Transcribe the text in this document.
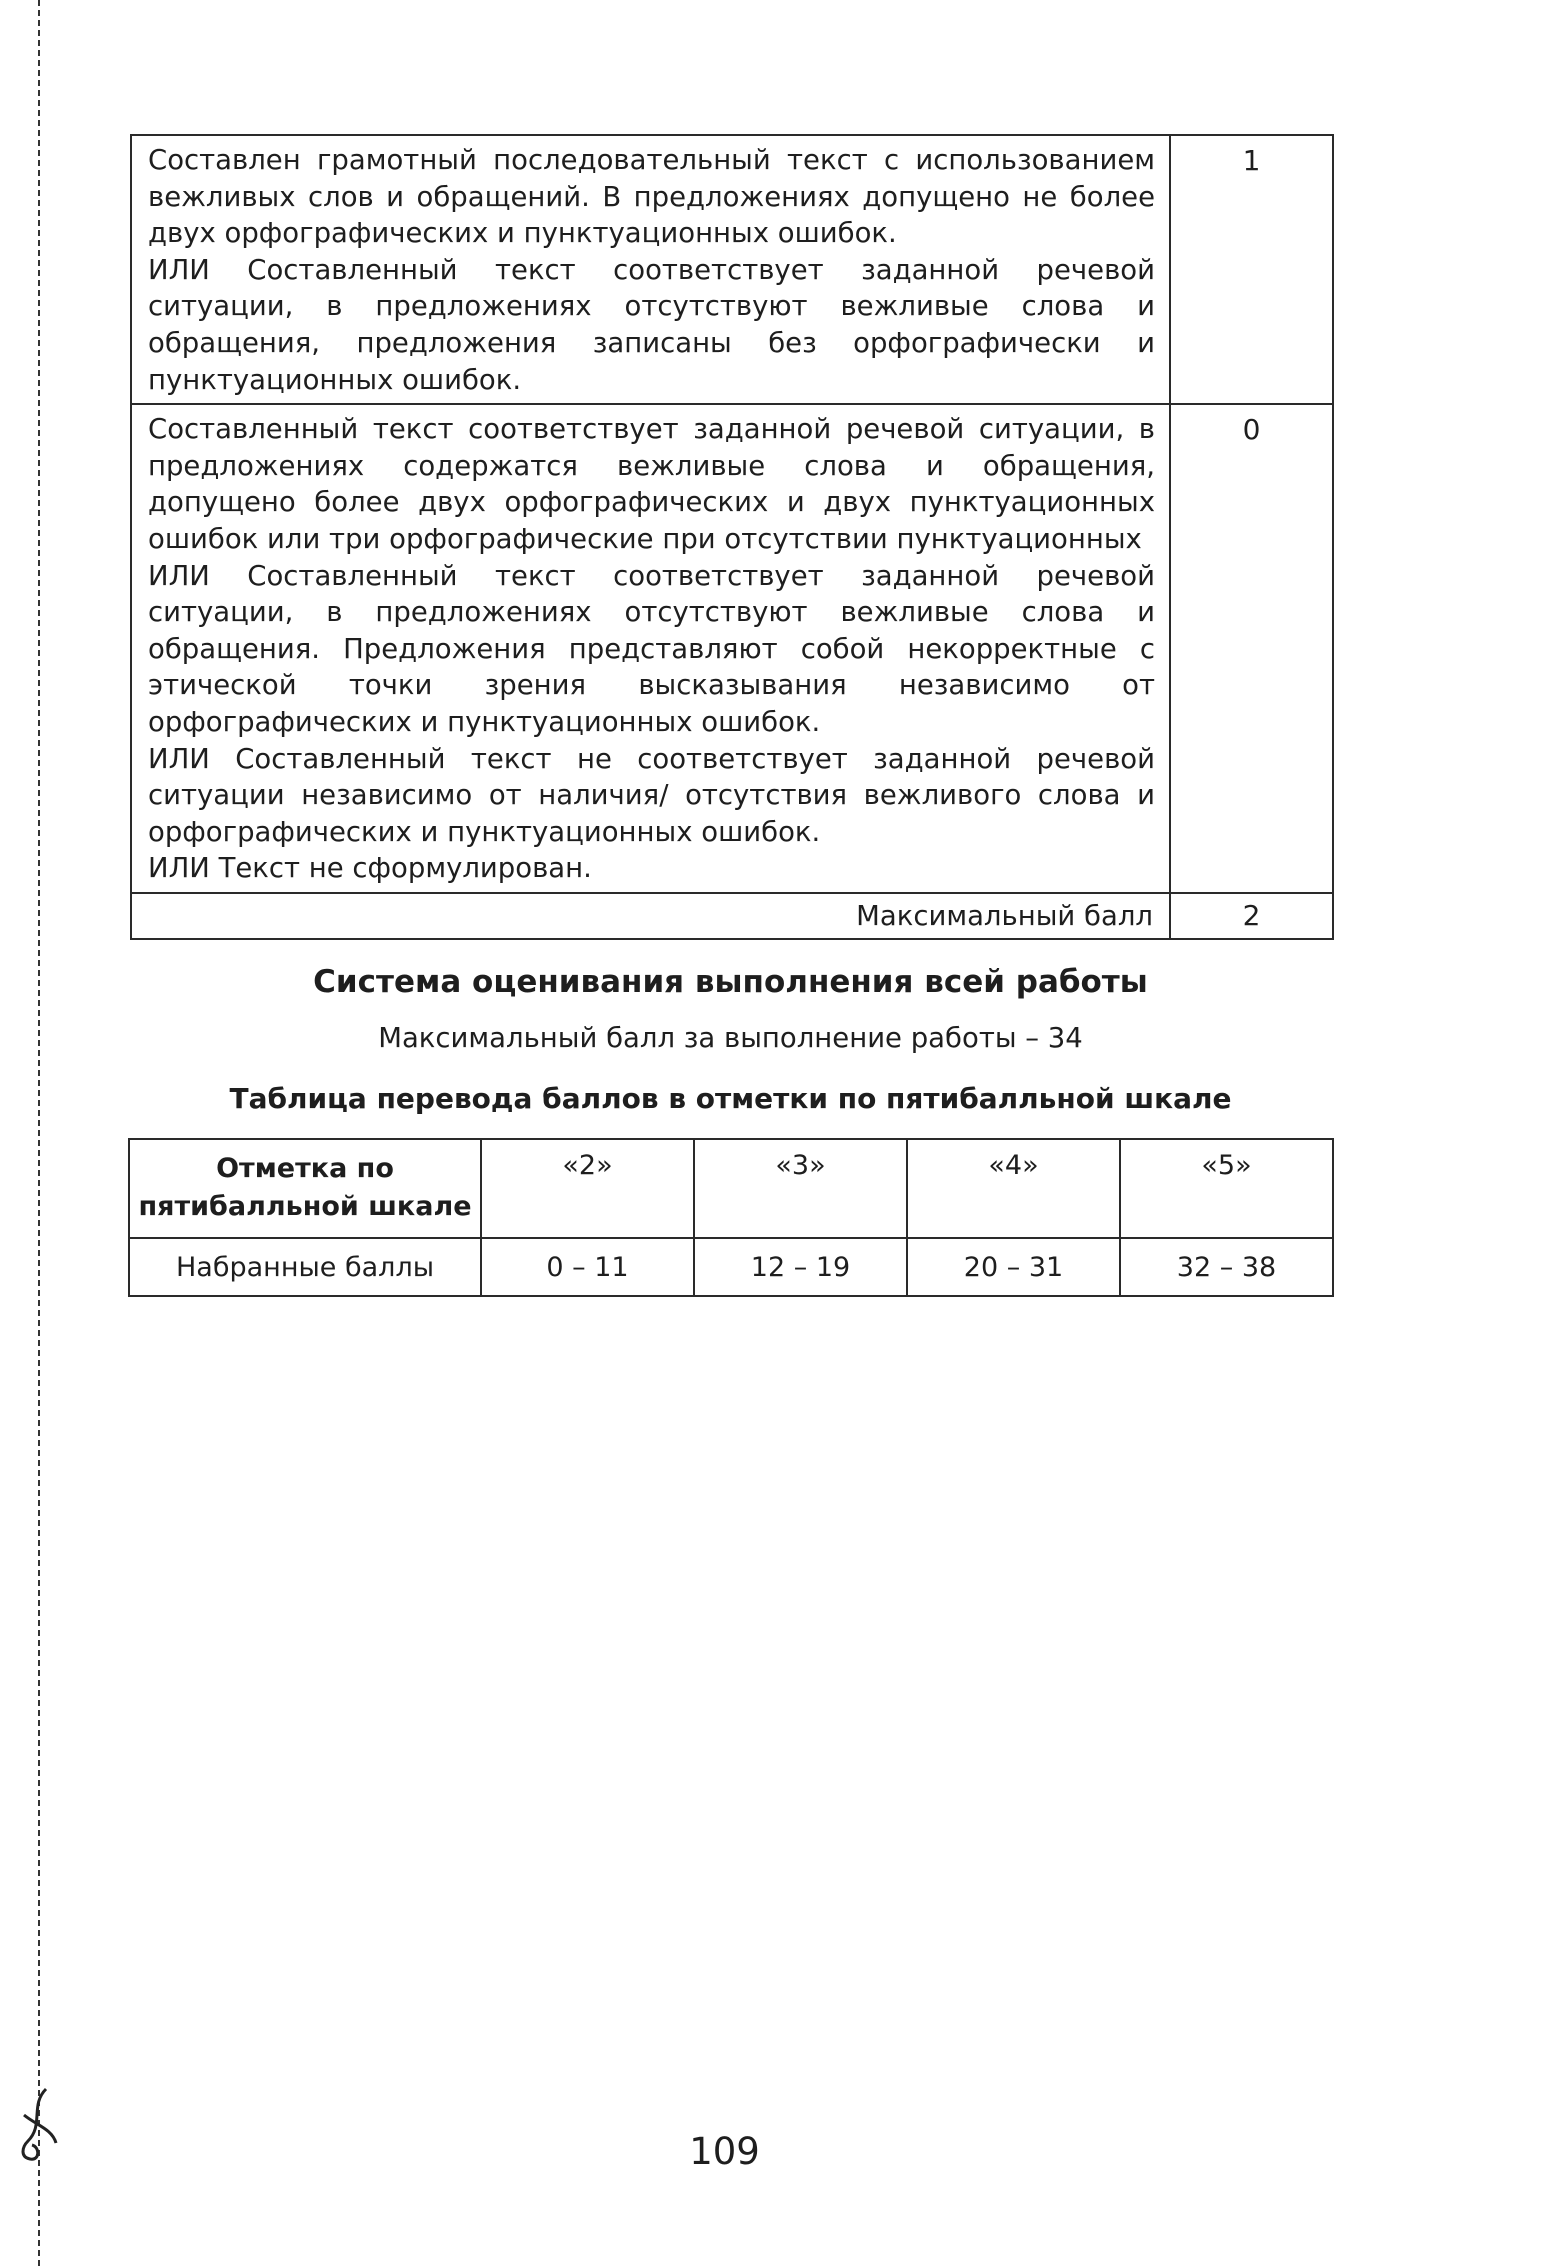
Составлен грамотный последовательный текст с использованием вежливых слов и обращений. В предложениях допущено не более двух орфографических и пунктуационных ошибок.

ИЛИ Составленный текст соответствует заданной речевой ситуации, в предложениях отсутствуют вежливые слова и обращения, предложения записаны без орфографически и пунктуационных ошибок.	1

Составленный текст соответствует заданной речевой ситуации, в предложениях содержатся вежливые слова и обращения, допущено более двух орфографических и двух пунктуационных ошибок или три орфографические при отсутствии пунктуационных

ИЛИ Составленный текст соответствует заданной речевой ситуации, в предложениях отсутствуют вежливые слова и обращения. Предложения представляют собой некорректные с этической точки зрения высказывания независимо от орфографических и пунктуационных ошибок.

ИЛИ Составленный текст не соответствует заданной речевой ситуации независимо от наличия/ отсутствия вежливого слова и орфографических и пунктуационных ошибок.

ИЛИ Текст не сформулирован.	0
Максимальный балл	2
Система оценивания выполнения всей работы

Максимальный балл за выполнение работы – 34

Таблица перевода баллов в отметки по пятибалльной шкале
Отметка по пятибалльной шкале	«2»	«3»	«4»	«5»
Набранные баллы	0 – 11	12 – 19	20 – 31	32 – 38
109
